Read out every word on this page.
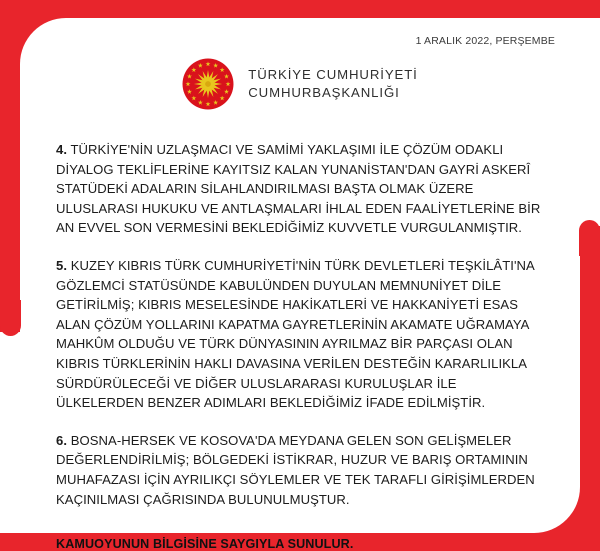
1 ARALIK 2022, PERŞEMBE
TÜRKİYE CUMHURİYETİ
CUMHURBAŞKANLIĞI

4. TÜRKİYE'NİN UZLAŞMACI VE SAMİMİ YAKLAŞIMI İLE ÇÖZÜM ODAKLI DİYALOG TEKLİFLERİNE KAYITSIZ KALAN YUNANİSTAN'DAN GAYRİ ASKERÎ STATÜDEKİ ADALARIN SİLAHLANDIRILMASI BAŞTA OLMAK ÜZERE ULUSLARASI HUKUKU VE ANTLAŞMALARI İHLAL EDEN FAALİYETLERİNE BİR AN EVVEL SON VERMESİNİ BEKLEDİĞİMİZ KUVVETLE VURGULANMIŞTIR.

5. KUZEY KIBRIS TÜRK CUMHURİYETİ'NİN TÜRK DEVLETLERİ TEŞKİLÂTI'NA GÖZLEMCİ STATÜSÜNDE KABULÜNDEN DUYULAN MEMNUNİYET DİLE GETİRİLMİŞ; KIBRIS MESELESİNDE HAKİKATLERİ VE HAKKANİYETİ ESAS ALAN ÇÖZÜM YOLLARINI KAPATMA GAYRETLERİNİN AKAMATE UĞRAMAYA MAHKÛM OLDUĞU VE TÜRK DÜNYASININ AYRILMAZ BİR PARÇASI OLAN KIBRIS TÜRKLERİNİN HAKLI DAVASINA VERİLEN DESTEĞİN KARARLILIKLA SÜRDÜRÜLECEĞİ VE DİĞER ULUSLARARASI KURULUŞLAR İLE ÜLKELERDEN BENZER ADIMLARI BEKLEDİĞİMİZ İFADE EDİLMİŞTİR.

6. BOSNA-HERSEK VE KOSOVA'DA MEYDANA GELEN SON GELİŞMELER DEĞERLENDİRİLMİŞ; BÖLGEDEKİ İSTİKRAR, HUZUR VE BARIŞ ORTAMININ MUHAFAZASI İÇİN AYRILIKÇI SÖYLEMLER VE TEK TARAFLI GİRİŞİMLERDEN KAÇINILMASI ÇAĞRISINDA BULUNULMUŞTUR.

KAMUOYUNUN BİLGİSİNE SAYGIYLA SUNULUR.
